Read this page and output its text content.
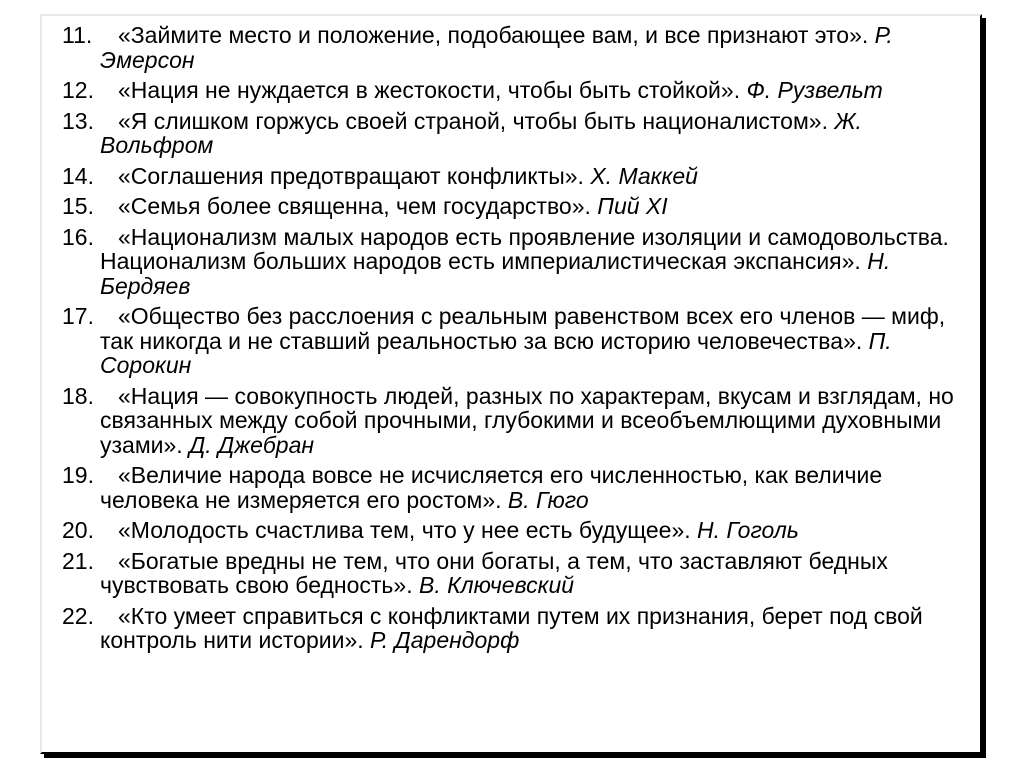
11.	«Займите место и положение, подобающее вам, и все признают это». Р. Эмерсон
12.	«Нация не нуждается в жестокости, чтобы быть стойкой». Ф. Рузвельт
13.	«Я слишком горжусь своей страной, чтобы быть националистом». Ж. Вольфром
14.	«Соглашения предотвращают конфликты». Х. Маккей
15.	«Семья более священна, чем государство». Пий XI
16.	«Национализм малых народов есть проявление изоляции и самодовольства. Национализм больших народов есть империалистическая экспансия». Н. Бердяев
17.	«Общество без расслоения с реальным равенством всех его членов — миф, так никогда и не ставший реальностью за всю историю человечества». П. Сорокин
18.	«Нация — совокупность людей, разных по характерам, вкусам и взглядам, но связанных между собой прочными, глубокими и всеобъемлющими духовными узами». Д. Джебран
19.	«Величие народа вовсе не исчисляется его численностью, как величие человека не измеряется его ростом». В. Гюго
20.	«Молодость счастлива тем, что у нее есть будущее». Н. Гоголь
21.	«Богатые вредны не тем, что они богаты, а тем, что заставляют бедных чувствовать свою бедность». В. Ключевский
22.	«Кто умеет справиться с конфликтами путем их признания, берет под свой контроль нити истории». Р. Дарендорф
